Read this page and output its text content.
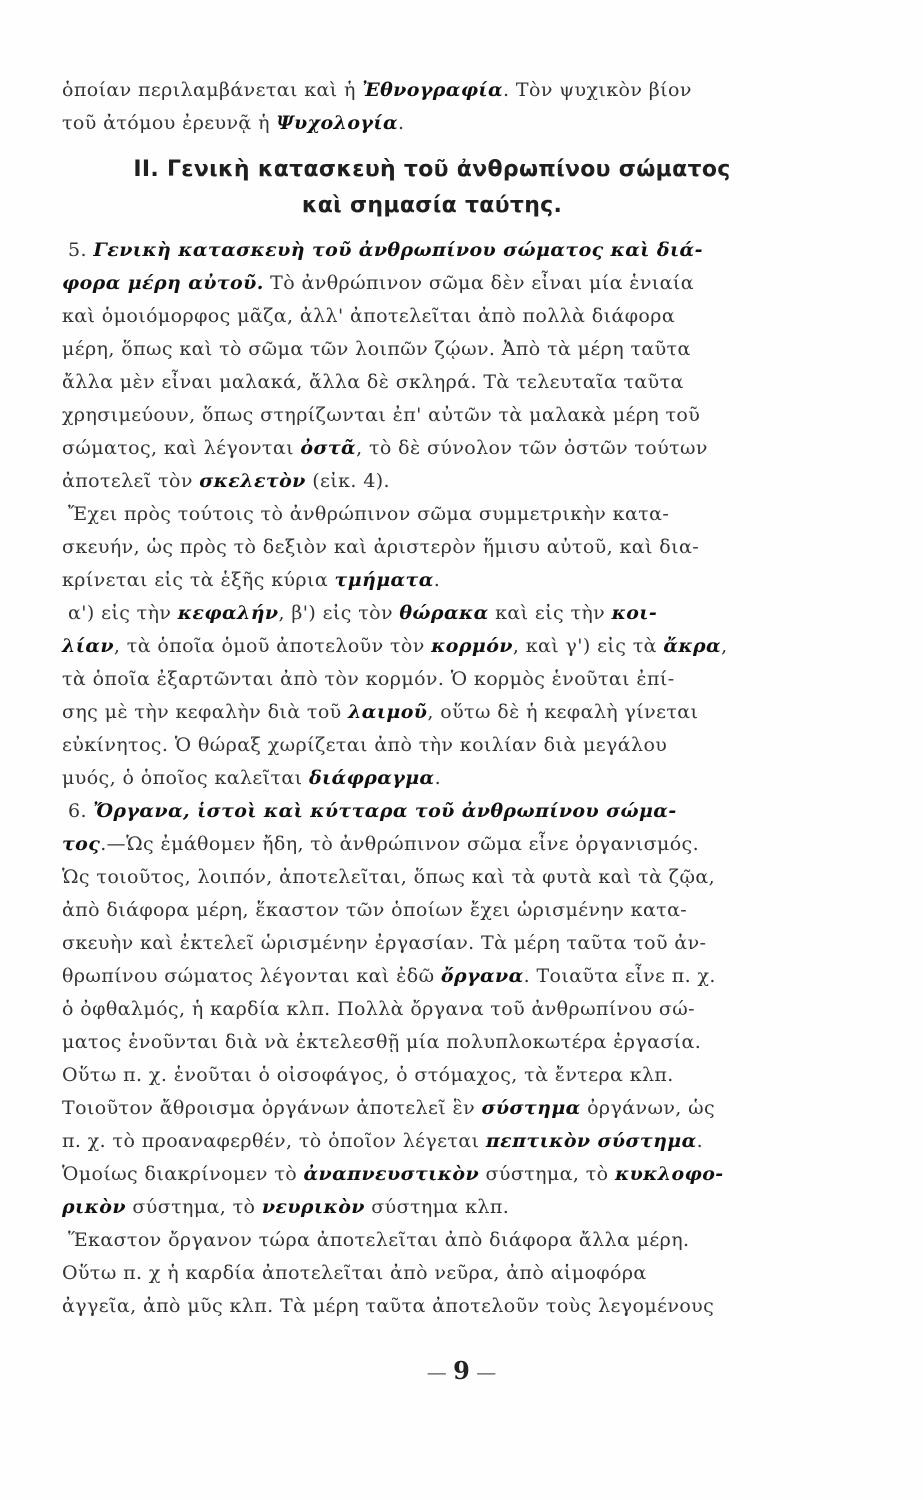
ὁποίαν περιλαμβάνεται καὶ ἡ Ἐθνογραφία. Τὸν ψυχικὸν βίον
τοῦ ἀτόμου ἐρευνᾷ ἡ Ψυχολογία.
II. Γενικὴ κατασκευὴ τοῦ ἀνθρωπίνου σώματος
καὶ σημασία ταύτης.
5. Γενικὴ κατασκευὴ τοῦ ἀνθρωπίνου σώματος καὶ διά-
φορα μέρη αὐτοῦ. Τὸ ἀνθρώπινον σῶμα δὲν εἶναι μία ἑνιαία
καὶ ὁμοιόμορφος μᾶζα, ἀλλ' ἀποτελεῖται ἀπὸ πολλὰ διάφορα
μέρη, ὅπως καὶ τὸ σῶμα τῶν λοιπῶν ζῴων. Ἀπὸ τὰ μέρη ταῦτα
ἄλλα μὲν εἶναι μαλακά, ἄλλα δὲ σκληρά. Τὰ τελευταῖα ταῦτα
χρησιμεύουν, ὅπως στηρίζωνται ἐπ' αὐτῶν τὰ μαλακὰ μέρη τοῦ
σώματος, καὶ λέγονται ὀστᾶ, τὸ δὲ σύνολον τῶν ὀστῶν τούτων
ἀποτελεῖ τὸν σκελετὸν (εἰκ. 4).
Ἔχει πρὸς τούτοις τὸ ἀνθρώπινον σῶμα συμμετρικὴν κατα-
σκευήν, ὡς πρὸς τὸ δεξιὸν καὶ ἀριστερὸν ἥμισυ αὐτοῦ, καὶ δια-
κρίνεται εἰς τὰ ἑξῆς κύρια τμήματα.
α') εἰς τὴν κεφαλήν, β') εἰς τὸν θώρακα καὶ εἰς τὴν κοι-
λίαν, τὰ ὁποῖα ὁμοῦ ἀποτελοῦν τὸν κορμόν, καὶ γ') εἰς τὰ ἄκρα,
τὰ ὁποῖα ἐξαρτῶνται ἀπὸ τὸν κορμόν. Ὁ κορμὸς ἑνοῦται ἐπί-
σης μὲ τὴν κεφαλὴν διὰ τοῦ λαιμοῦ, οὕτω δὲ ἡ κεφαλὴ γίνεται
εὐκίνητος. Ὁ θώραξ χωρίζεται ἀπὸ τὴν κοιλίαν διὰ μεγάλου
μυός, ὁ ὁποῖος καλεῖται διάφραγμα.
6. Ὄργανα, ἱστοὶ καὶ κύτταρα τοῦ ἀνθρωπίνου σώμα-
τος.—Ὡς ἐμάθομεν ἤδη, τὸ ἀνθρώπινον σῶμα εἶνε ὀργανισμός.
Ὡς τοιοῦτος, λοιπόν, ἀποτελεῖται, ὅπως καὶ τὰ φυτὰ καὶ τὰ ζῷα,
ἀπὸ διάφορα μέρη, ἕκαστον τῶν ὁποίων ἔχει ὡρισμένην κατα-
σκευὴν καὶ ἐκτελεῖ ὡρισμένην ἐργασίαν. Τὰ μέρη ταῦτα τοῦ ἀν-
θρωπίνου σώματος λέγονται καὶ ἐδῶ ὄργανα. Τοιαῦτα εἶνε π. χ.
ὁ ὀφθαλμός, ἡ καρδία κλπ. Πολλὰ ὄργανα τοῦ ἀνθρωπίνου σώ-
ματος ἑνοῦνται διὰ νὰ ἐκτελεσθῇ μία πολυπλοκωτέρα ἐργασία.
Οὕτω π. χ. ἑνοῦται ὁ οἰσοφάγος, ὁ στόμαχος, τὰ ἔντερα κλπ.
Τοιοῦτον ἄθροισμα ὀργάνων ἀποτελεῖ ἓν σύστημα ὀργάνων, ὡς
π. χ. τὸ προαναφερθέν, τὸ ὁποῖον λέγεται πεπτικὸν σύστημα.
Ὁμοίως διακρίνομεν τὸ ἀναπνευστικὸν σύστημα, τὸ κυκλοφο-
ρικὸν σύστημα, τὸ νευρικὸν σύστημα κλπ.
Ἕκαστον ὄργανον τώρα ἀποτελεῖται ἀπὸ διάφορα ἄλλα μέρη.
Οὕτω π. χ ἡ καρδία ἀποτελεῖται ἀπὸ νεῦρα, ἀπὸ αἱμοφόρα
ἀγγεῖα, ἀπὸ μῦς κλπ. Τὰ μέρη ταῦτα ἀποτελοῦν τοὺς λεγομένους
— 9 —
